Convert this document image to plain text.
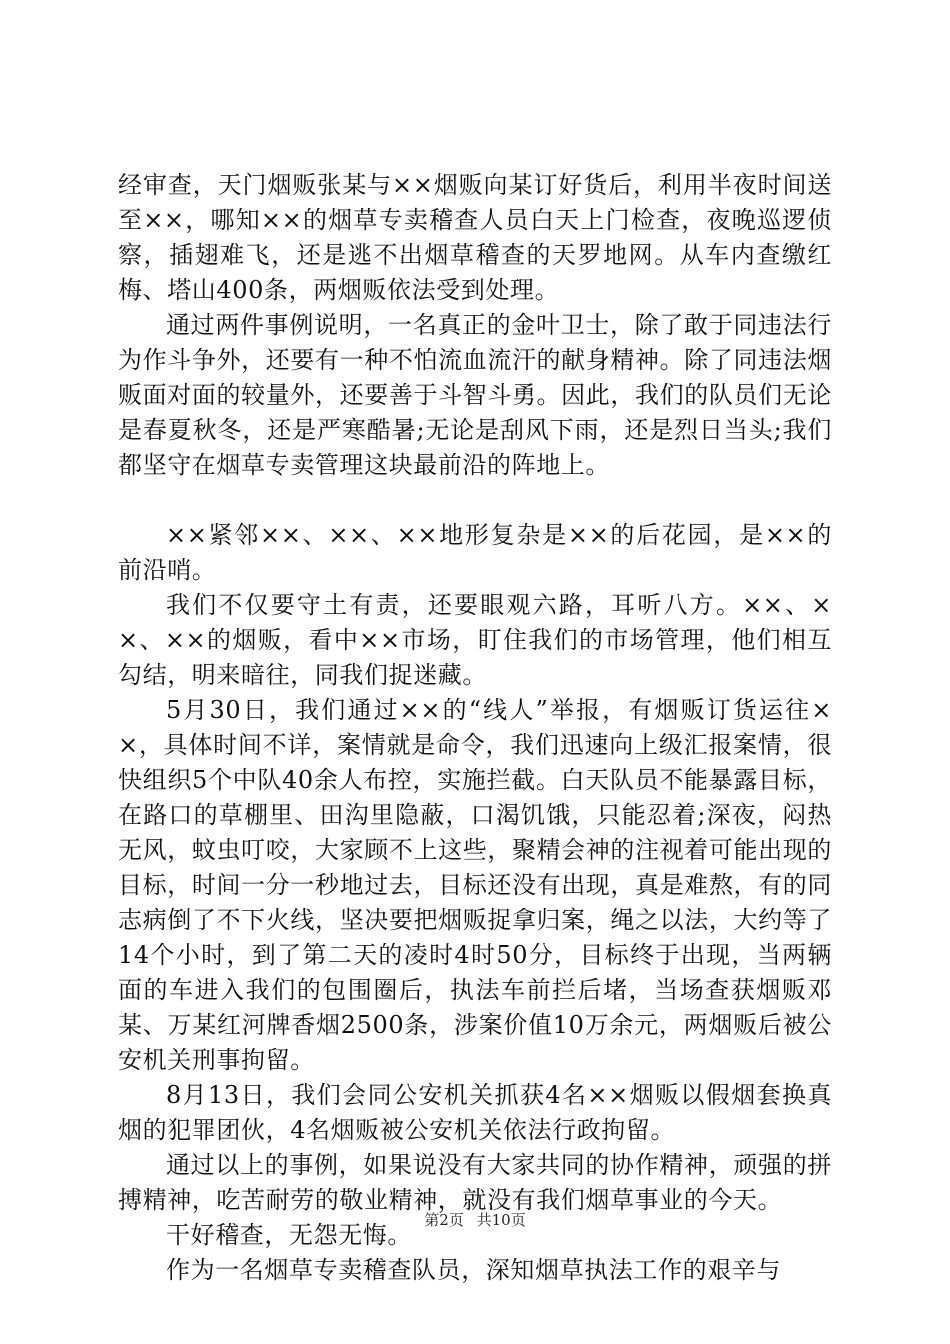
经审查，天门烟贩张某与××烟贩向某订好货后，利用半夜时间送至××，哪知××的烟草专卖稽查人员白天上门检查，夜晚巡逻侦察，插翅难飞，还是逃不出烟草稽查的天罗地网。从车内查缴红梅、塔山400条，两烟贩依法受到处理。

通过两件事例说明，一名真正的金叶卫士，除了敢于同违法行为作斗争外，还要有一种不怕流血流汗的献身精神。除了同违法烟贩面对面的较量外，还要善于斗智斗勇。因此，我们的队员们无论是春夏秋冬，还是严寒酷暑;无论是刮风下雨，还是烈日当头;我们都坚守在烟草专卖管理这块最前沿的阵地上。

××紧邻××、××、××地形复杂是××的后花园，是××的前沿哨。

我们不仅要守土有责，还要眼观六路，耳听八方。××、××、××的烟贩，看中××市场，盯住我们的市场管理，他们相互勾结，明来暗往，同我们捉迷藏。

5月30日，我们通过××的“线人”举报，有烟贩订货运往××，具体时间不详，案情就是命令，我们迅速向上级汇报案情，很快组织5个中队40余人布控，实施拦截。白天队员不能暴露目标，在路口的草棚里、田沟里隐蔽，口渴饥饿，只能忍着;深夜，闷热无风，蚊虫叮咬，大家顾不上这些，聚精会神的注视着可能出现的目标，时间一分一秒地过去，目标还没有出现，真是难熬，有的同志病倒了不下火线，坚决要把烟贩捉拿归案，绳之以法，大约等了14个小时，到了第二天的凌时4时50分，目标终于出现，当两辆面的车进入我们的包围圈后，执法车前拦后堵，当场查获烟贩邓某、万某红河牌香烟2500条，涉案价值10万余元，两烟贩后被公安机关刑事拘留。

8月13日，我们会同公安机关抓获4名××烟贩以假烟套换真烟的犯罪团伙，4名烟贩被公安机关依法行政拘留。

通过以上的事例，如果说没有大家共同的协作精神，顽强的拼搏精神，吃苦耐劳的敬业精神，就没有我们烟草事业的今天。

干好稽查，无怨无悔。

作为一名烟草专卖稽查队员，深知烟草执法工作的艰辛与

第2页 共10页
